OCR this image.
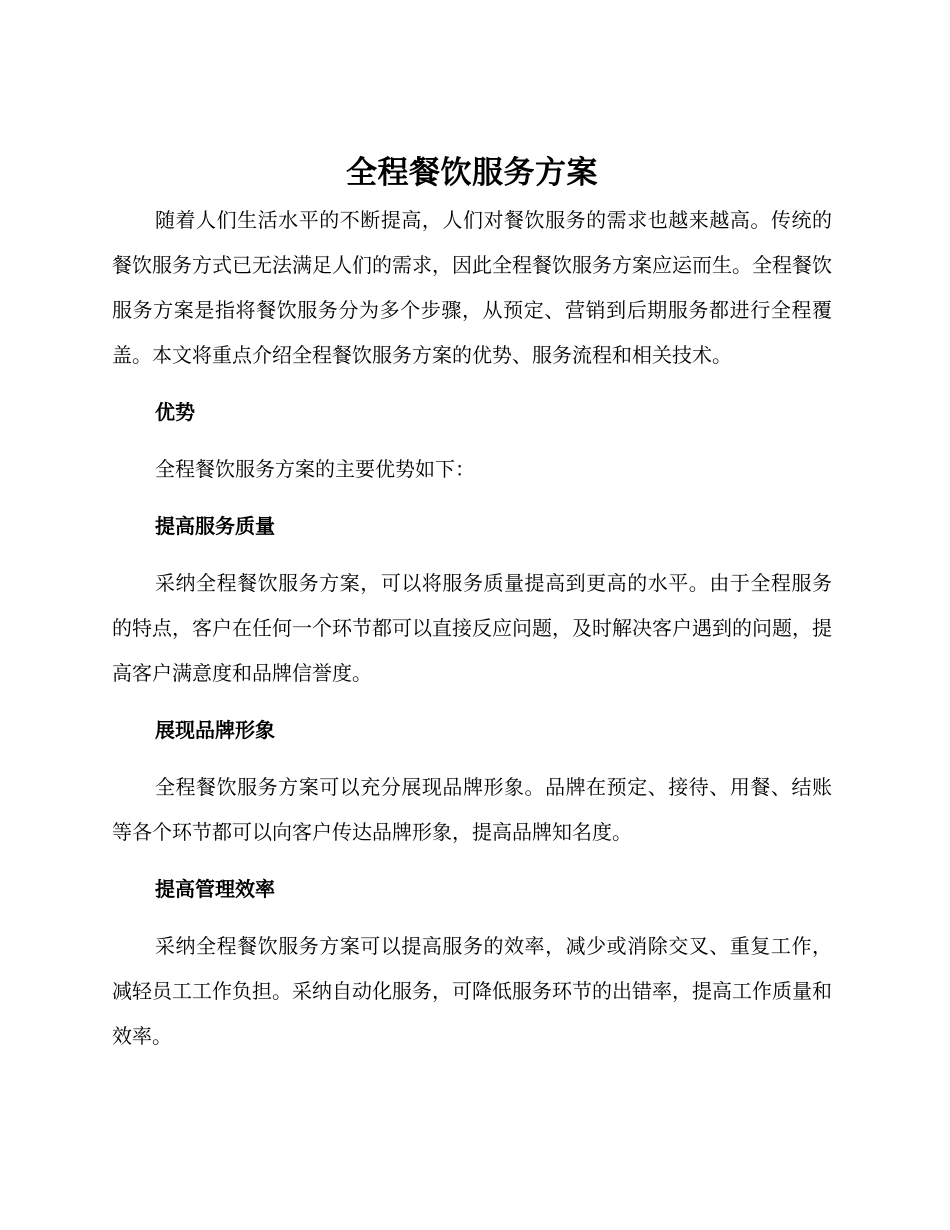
全程餐饮服务方案

随着人们生活水平的不断提高，人们对餐饮服务的需求也越来越高。传统的餐饮服务方式已无法满足人们的需求，因此全程餐饮服务方案应运而生。全程餐饮服务方案是指将餐饮服务分为多个步骤，从预定、营销到后期服务都进行全程覆盖。本文将重点介绍全程餐饮服务方案的优势、服务流程和相关技术。

优势

全程餐饮服务方案的主要优势如下：

提高服务质量

采纳全程餐饮服务方案，可以将服务质量提高到更高的水平。由于全程服务的特点，客户在任何一个环节都可以直接反应问题，及时解决客户遇到的问题，提高客户满意度和品牌信誉度。

展现品牌形象

全程餐饮服务方案可以充分展现品牌形象。品牌在预定、接待、用餐、结账等各个环节都可以向客户传达品牌形象，提高品牌知名度。

提高管理效率

采纳全程餐饮服务方案可以提高服务的效率，减少或消除交叉、重复工作，减轻员工工作负担。采纳自动化服务，可降低服务环节的出错率，提高工作质量和效率。
